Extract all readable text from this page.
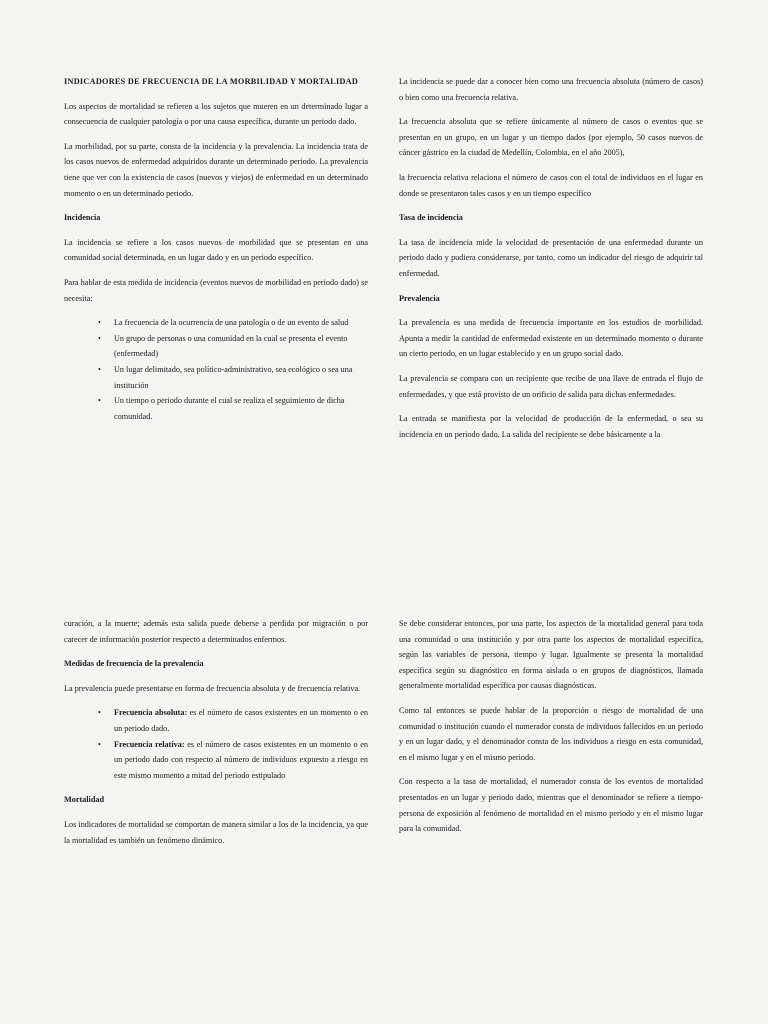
INDICADORES DE FRECUENCIA DE LA MORBILIDAD Y MORTALIDAD

Los aspectos de mortalidad se refieren a los sujetos que mueren en un determinado lugar a consecuencia de cualquier patología o por una causa específica, durante un periodo dado.

La morbilidad, por su parte, consta de la incidencia y la prevalencia. La incidencia trata de los casos nuevos de enfermedad adquiridos durante un determinado periodo. La prevalencia tiene que ver con la existencia de casos (nuevos y viejos) de enfermedad en un determinado momento o en un determinado periodo.

Incidencia

La incidencia se refiere a los casos nuevos de morbilidad que se presentan en una comunidad social determinada, en un lugar dado y en un periodo específico.

Para hablar de esta medida de incidencia (eventos nuevos de morbilidad en periodo dado) se necesita:

• La frecuencia de la ocurrencia de una patología o de un evento de salud
• Un grupo de personas o una comunidad en la cual se presenta el evento (enfermedad)
• Un lugar delimitado, sea político-administrativo, sea ecológico o sea una institución
• Un tiempo o periodo durante el cual se realiza el seguimiento de dicha comunidad.

La incidencia se puede dar a conocer bien como una frecuencia absoluta (número de casos) o bien como una frecuencia relativa.

La frecuencia absoluta que se refiere únicamente al número de casos o eventos que se presentan en un grupo, en un lugar y un tiempo dados (por ejemplo, 50 casos nuevos de cáncer gástrico en la ciudad de Medellín, Colombia, en el año 2005),

la frecuencia relativa relaciona el número de casos con el total de individuos en el lugar en donde se presentaron tales casos y en un tiempo específico

Tasa de incidencia

La tasa de incidencia mide la velocidad de presentación de una enfermedad durante un periodo dado y pudiera considerarse, por tanto, como un indicador del riesgo de adquirir tal enfermedad.

Prevalencia

La prevalencia es una medida de frecuencia importante en los estudios de morbilidad. Apunta a medir la cantidad de enfermedad existente en un determinado momento o durante un cierto periodo, en un lugar establecido y en un grupo social dado.

La prevalencia se compara con un recipiente que recibe de una llave de entrada el flujo de enfermedades, y que está provisto de un orificio de salida para dichas enfermedades.

La entrada se manifiesta por la velocidad de producción de la enfermedad, o sea su incidencia en un periodo dado. La salida del recipiente se debe básicamente a la

curación, a la muerte; además esta salida puede deberse a perdida por migración o por carecer de información posterior respecto a determinados enfermos.

Medidas de frecuencia de la prevalencia

La prevalencia puede presentarse en forma de frecuencia absoluta y de frecuencia relativa.

• Frecuencia absoluta: es el número de casos existentes en un momento o en un periodo dado.
• Frecuencia relativa: es el número de casos existentes en un momento o en un periodo dado con respecto al número de individuos expuesto a riesgo en este mismo momento a mitad del periodo estipulado
Mortalidad

Los indicadores de mortalidad se comportan de manera similar a los de la incidencia, ya que la mortalidad es también un fenómeno dinámico.

Se debe considerar entonces, por una parte, los aspectos de la mortalidad general para toda una comunidad o una institución y por otra parte los aspectos de mortalidad específica, según las variables de persona, tiempo y lugar. Igualmente se presenta la mortalidad específica según su diagnóstico en forma aislada o en grupos de diagnósticos, llamada generalmente mortalidad específica por causas diagnósticas.

Como tal entonces se puede hablar de la proporción o riesgo de mortalidad de una comunidad o institución cuando el numerador consta de individuos fallecidos en un periodo y en un lugar dado, y el denominador consta de los individuos a riesgo en esta comunidad, en el mismo lugar y en el mismo periodo.

Con respecto a la tasa de mortalidad, el numerador consta de los eventos de mortalidad presentados en un lugar y periodo dado, mientras que el denominador se refiere a tiempo-persona de exposición al fenómeno de mortalidad en el mismo periodo y en el mismo lugar para la comunidad.
